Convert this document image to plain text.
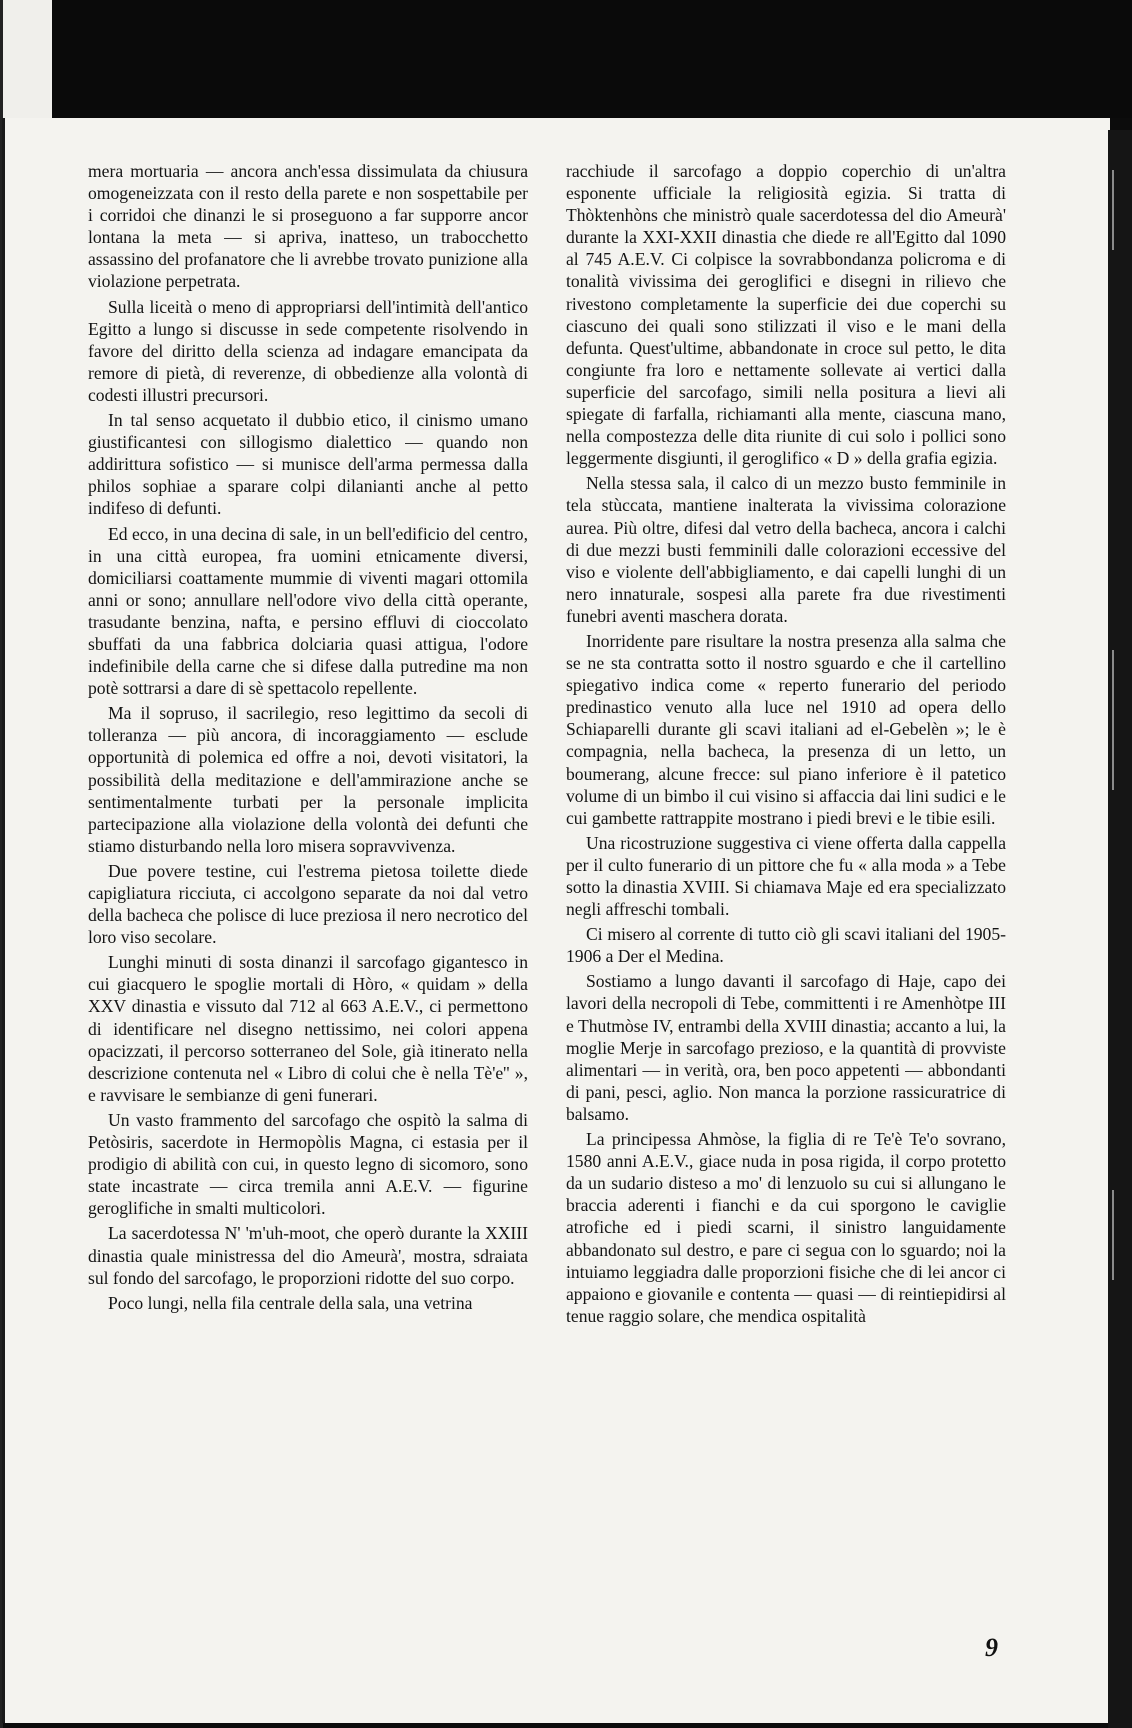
mera mortuaria — ancora anch'essa dissimulata da chiusura omogeneizzata con il resto della parete e non sospettabile per i corridoi che dinanzi le si proseguono a far supporre ancor lontana la meta — si apriva, inatteso, un trabocchetto assassino del profanatore che li avrebbe trovato punizione alla violazione perpetrata.

Sulla liceità o meno di appropriarsi dell'intimità dell'antico Egitto a lungo si discusse in sede competente risolvendo in favore del diritto della scienza ad indagare emancipata da remore di pietà, di reverenze, di obbedienze alla volontà di codesti illustri precursori.

In tal senso acquetato il dubbio etico, il cinismo umano giustificantesi con sillogismo dialettico — quando non addirittura sofistico — si munisce dell'arma permessa dalla philos sophiae a sparare colpi dilanianti anche al petto indifeso di defunti.

Ed ecco, in una decina di sale, in un bell'edificio del centro, in una città europea, fra uomini etnicamente diversi, domiciliarsi coattamente mummie di viventi magari ottomila anni or sono; annullare nell'odore vivo della città operante, trasudante benzina, nafta, e persino effluvi di cioccolato sbuffati da una fabbrica dolciaria quasi attigua, l'odore indefinibile della carne che si difese dalla putredine ma non potè sottrarsi a dare di sè spettacolo repellente.

Ma il sopruso, il sacrilegio, reso legittimo da secoli di tolleranza — più ancora, di incoraggiamento — esclude opportunità di polemica ed offre a noi, devoti visitatori, la possibilità della meditazione e dell'ammirazione anche se sentimentalmente turbati per la personale implicita partecipazione alla violazione della volontà dei defunti che stiamo disturbando nella loro misera sopravvivenza.

Due povere testine, cui l'estrema pietosa toilette diede capigliatura ricciuta, ci accolgono separate da noi dal vetro della bacheca che polisce di luce preziosa il nero necrotico del loro viso secolare.

Lunghi minuti di sosta dinanzi il sarcofago gigantesco in cui giacquero le spoglie mortali di Hòro, « quidam » della XXV dinastia e vissuto dal 712 al 663 A.E.V., ci permettono di identificare nel disegno nettissimo, nei colori appena opacizzati, il percorso sotterraneo del Sole, già itinerato nella descrizione contenuta nel « Libro di colui che è nella Tè'e'' », e ravvisare le sembianze di geni funerari.

Un vasto frammento del sarcofago che ospitò la salma di Petòsiris, sacerdote in Hermopòlis Magna, ci estasia per il prodigio di abilità con cui, in questo legno di sicomoro, sono state incastrate — circa tremila anni A.E.V. — figurine geroglifiche in smalti multicolori.

La sacerdotessa N' 'm'uh-moot, che operò durante la XXIII dinastia quale ministressa del dio Ameurà', mostra, sdraiata sul fondo del sarcofago, le proporzioni ridotte del suo corpo.

Poco lungi, nella fila centrale della sala, una vetrina

racchiude il sarcofago a doppio coperchio di un'altra esponente ufficiale la religiosità egizia. Si tratta di Thòktenhòns che ministrò quale sacerdotessa del dio Ameurà' durante la XXI-XXII dinastia che diede re all'Egitto dal 1090 al 745 A.E.V. Ci colpisce la sovrabbondanza policroma e di tonalità vivissima dei geroglifici e disegni in rilievo che rivestono completamente la superficie dei due coperchi su ciascuno dei quali sono stilizzati il viso e le mani della defunta. Quest'ultime, abbandonate in croce sul petto, le dita congiunte fra loro e nettamente sollevate ai vertici dalla superficie del sarcofago, simili nella positura a lievi ali spiegate di farfalla, richiamanti alla mente, ciascuna mano, nella compostezza delle dita riunite di cui solo i pollici sono leggermente disgiunti, il geroglifico « D » della grafia egizia.

Nella stessa sala, il calco di un mezzo busto femminile in tela stùccata, mantiene inalterata la vivissima colorazione aurea. Più oltre, difesi dal vetro della bacheca, ancora i calchi di due mezzi busti femminili dalle colorazioni eccessive del viso e violente dell'abbigliamento, e dai capelli lunghi di un nero innaturale, sospesi alla parete fra due rivestimenti funebri aventi maschera dorata.

Inorridente pare risultare la nostra presenza alla salma che se ne sta contratta sotto il nostro sguardo e che il cartellino spiegativo indica come « reperto funerario del periodo predinastico venuto alla luce nel 1910 ad opera dello Schiaparelli durante gli scavi italiani ad el-Gebelèn »; le è compagnia, nella bacheca, la presenza di un letto, un boumerang, alcune frecce: sul piano inferiore è il patetico volume di un bimbo il cui visino si affaccia dai lini sudici e le cui gambette rattrappite mostrano i piedi brevi e le tibie esili.

Una ricostruzione suggestiva ci viene offerta dalla cappella per il culto funerario di un pittore che fu « alla moda » a Tebe sotto la dinastia XVIII. Si chiamava Maje ed era specializzato negli affreschi tombali.

Ci misero al corrente di tutto ciò gli scavi italiani del 1905-1906 a Der el Medina.

Sostiamo a lungo davanti il sarcofago di Haje, capo dei lavori della necropoli di Tebe, committenti i re Amenhòtpe III e Thutmòse IV, entrambi della XVIII dinastia; accanto a lui, la moglie Merje in sarcofago prezioso, e la quantità di provviste alimentari — in verità, ora, ben poco appetenti — abbondanti di pani, pesci, aglio. Non manca la porzione rassicuratrice di balsamo.

La principessa Ahmòse, la figlia di re Te'è Te'o sovrano, 1580 anni A.E.V., giace nuda in posa rigida, il corpo protetto da un sudario disteso a mo' di lenzuolo su cui si allungano le braccia aderenti i fianchi e da cui sporgono le caviglie atrofiche ed i piedi scarni, il sinistro languidamente abbandonato sul destro, e pare ci segua con lo sguardo; noi la intuiamo leggiadra dalle proporzioni fisiche che di lei ancor ci appaiono e giovanile e contenta — quasi — di reintiepidirsi al tenue raggio solare, che mendica ospitalità

9
